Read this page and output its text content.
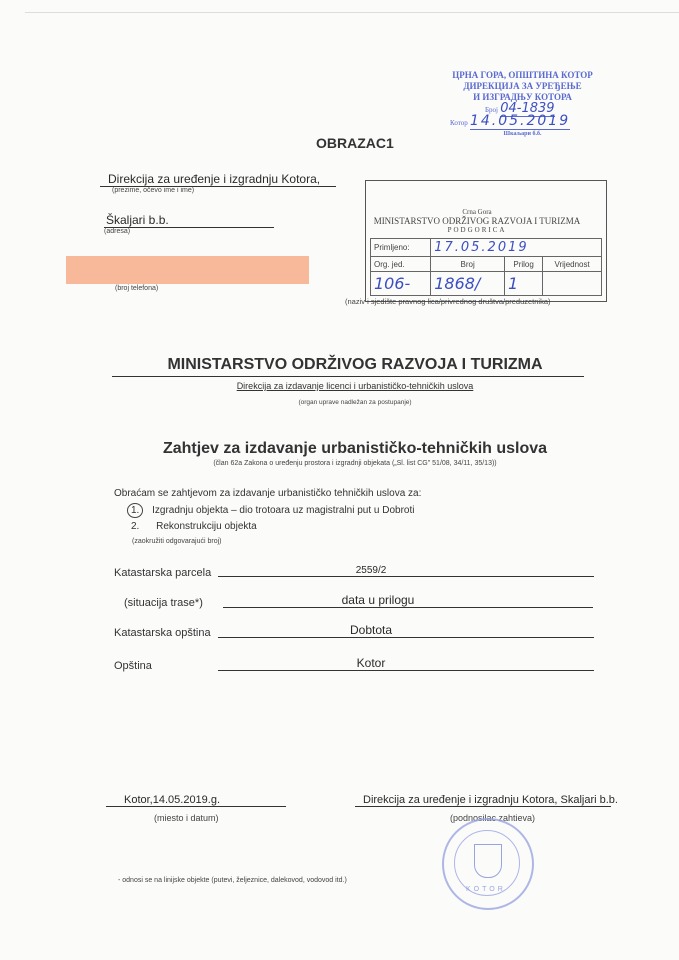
ЦРНА ГОРА, ОПШТИНА КОТОР
ДИРЕКЦИЈА ЗА УРЕЂЕЊЕ
И ИЗГРАДЊУ КОТОРА
Број 04-1839
Котор 14.05.2019
Шкаљари б.б.
OBRAZAC1
Direkcija za uređenje i izgradnju Kotora,
(prezime, očevo ime i ime)
Škaljari b.b.
(adresa)
(broj telefona)
Crna Gora
MINISTARSTVO ODRŽIVOG RAZVOJA I TURIZMA
PODGORICA
Primljeno:	17.05.2019		
Org. jed.	Broj	Prilog	Vrijednost
106-	1868/	1	
(naziv i sjedište pravnog lica/privrednog društva/preduzetnika)
MINISTARSTVO ODRŽIVOG RAZVOJA I TURIZMA
Direkcija za izdavanje licenci i urbanističko-tehničkih uslova
(organ uprave nadležan za postupanje)
Zahtjev za izdavanje urbanističko-tehničkih uslova
(član 62a Zakona o uređenju prostora i izgradnji objekata („Sl. list CG" 51/08, 34/11, 35/13))
Obraćam se zahtjevom za izdavanje urbanističko tehničkih uslova za:
1. Izgradnju objekta – dio trotoara uz magistralni put u Dobroti
2. Rekonstrukciju objekta
(zaokružiti odgovarajući broj)
Katastarska parcela	2559/2
(situacija trase*)	data u prilogu
Katastarska opština	Dobtota
Opština	Kotor
Kotor,14.05.2019.g.
(miesto i datum)
Direkcija za uređenje i izgradnju Kotora, Skaljari b.b.
(podnosilac zahtieva)
KOTOR
- odnosi se na linijske objekte (putevi, željeznice, dalekovod, vodovod itd.)
